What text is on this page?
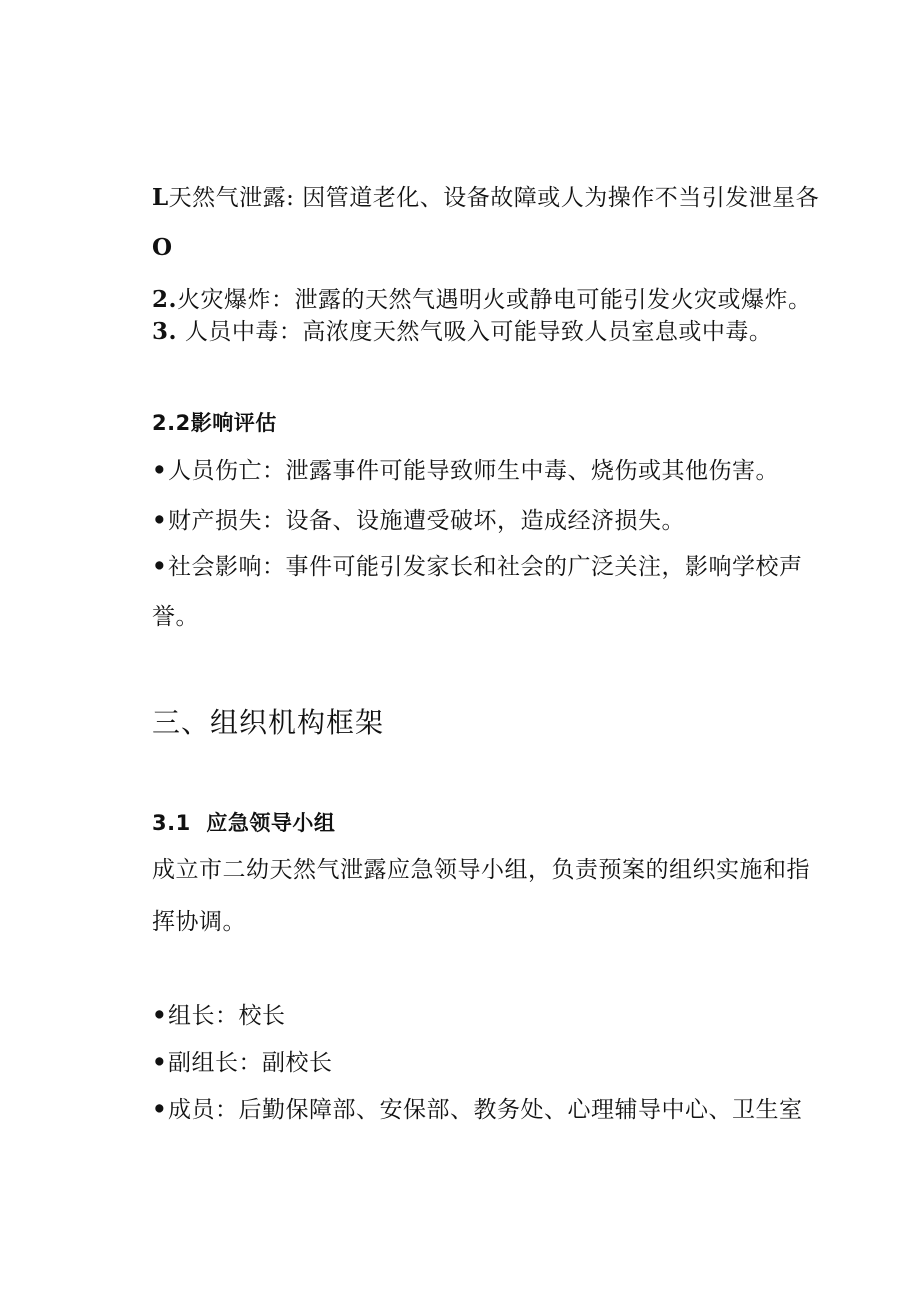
L天然气泄露: 因管道老化、设备故障或人为操作不当引发泄星各
O
2.火灾爆炸：泄露的天然气遇明火或静电可能引发火灾或爆炸。
3. 人员中毒：高浓度天然气吸入可能导致人员室息或中毒。
2.2影响评估
•人员伤亡：泄露事件可能导致师生中毒、烧伤或其他伤害。
•财产损失：设备、设施遭受破坏，造成经济损失。
•社会影响：事件可能引发家长和社会的广泛关注，影响学校声
誉。
三、组织机构框架
3.1 应急领导小组
成立市二幼天然气泄露应急领导小组，负责预案的组织实施和指
挥协调。
•组长：校长
•副组长：副校长
•成员：后勤保障部、安保部、教务处、心理辅导中心、卫生室
